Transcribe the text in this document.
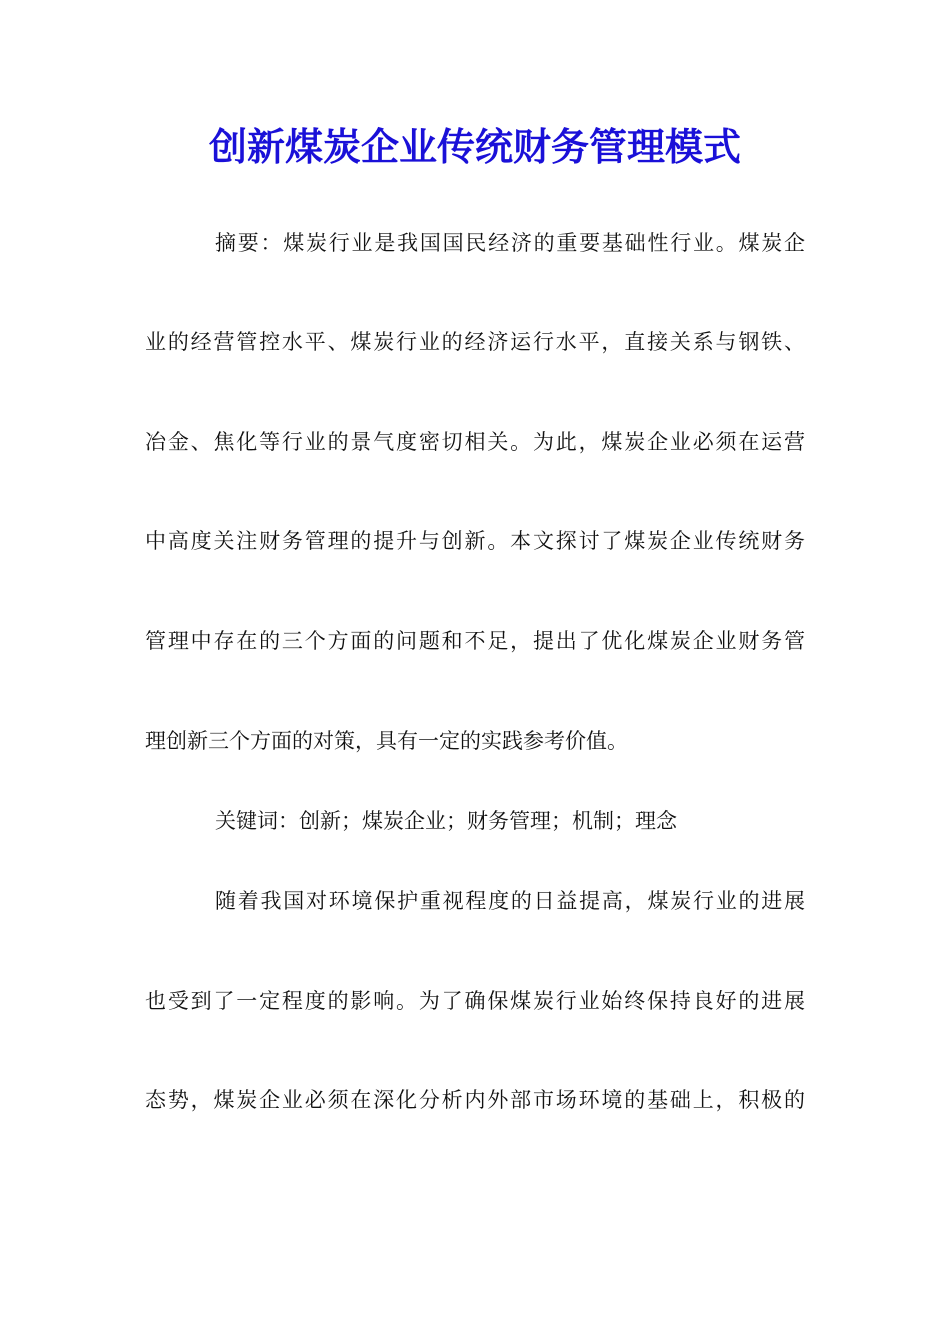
创新煤炭企业传统财务管理模式
摘要：煤炭行业是我国国民经济的重要基础性行业。煤炭企
业的经营管控水平、煤炭行业的经济运行水平，直接关系与钢铁、
冶金、焦化等行业的景气度密切相关。为此，煤炭企业必须在运营
中高度关注财务管理的提升与创新。本文探讨了煤炭企业传统财务
管理中存在的三个方面的问题和不足，提出了优化煤炭企业财务管
理创新三个方面的对策，具有一定的实践参考价值。
关键词：创新；煤炭企业；财务管理；机制；理念
随着我国对环境保护重视程度的日益提高，煤炭行业的进展
也受到了一定程度的影响。为了确保煤炭行业始终保持良好的进展
态势，煤炭企业必须在深化分析内外部市场环境的基础上，积极的
